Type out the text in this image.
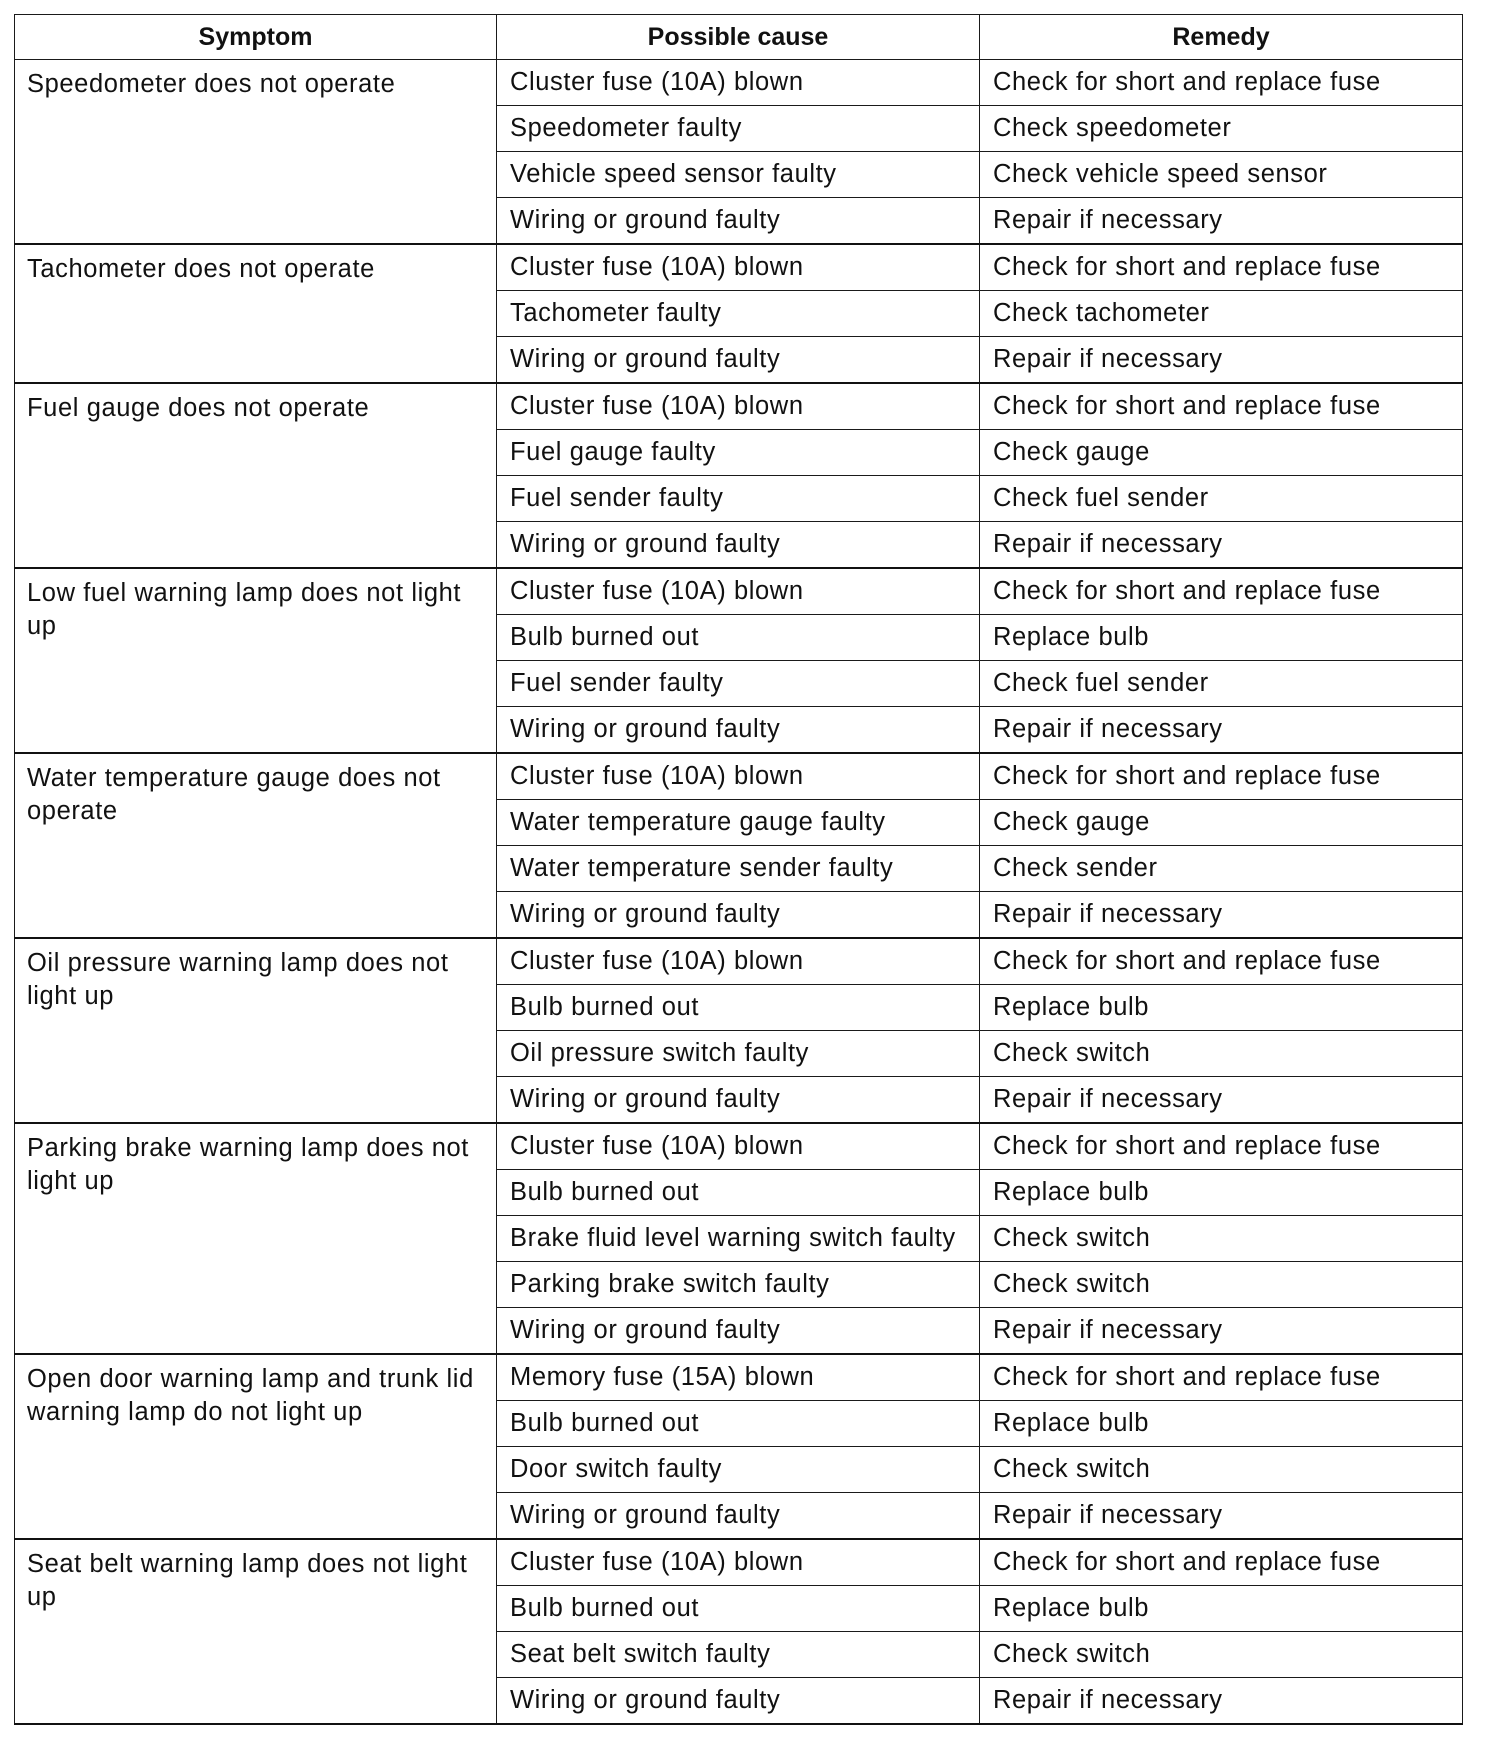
Symptom	Possible cause	Remedy
Speedometer does not operate	Cluster fuse (10A) blown	Check for short and replace fuse
	Speedometer faulty	Check speedometer
	Vehicle speed sensor faulty	Check vehicle speed sensor
	Wiring or ground faulty	Repair if necessary
Tachometer does not operate	Cluster fuse (10A) blown	Check for short and replace fuse
	Tachometer faulty	Check tachometer
	Wiring or ground faulty	Repair if necessary
Fuel gauge does not operate	Cluster fuse (10A) blown	Check for short and replace fuse
	Fuel gauge faulty	Check gauge
	Fuel sender faulty	Check fuel sender
	Wiring or ground faulty	Repair if necessary
Low fuel warning lamp does not light up	Cluster fuse (10A) blown	Check for short and replace fuse
	Bulb burned out	Replace bulb
	Fuel sender faulty	Check fuel sender
	Wiring or ground faulty	Repair if necessary
Water temperature gauge does not operate	Cluster fuse (10A) blown	Check for short and replace fuse
	Water temperature gauge faulty	Check gauge
	Water temperature sender faulty	Check sender
	Wiring or ground faulty	Repair if necessary
Oil pressure warning lamp does not light up	Cluster fuse (10A) blown	Check for short and replace fuse
	Bulb burned out	Replace bulb
	Oil pressure switch faulty	Check switch
	Wiring or ground faulty	Repair if necessary
Parking brake warning lamp does not light up	Cluster fuse (10A) blown	Check for short and replace fuse
	Bulb burned out	Replace bulb
	Brake fluid level warning switch faulty	Check switch
	Parking brake switch faulty	Check switch
	Wiring or ground faulty	Repair if necessary
Open door warning lamp and trunk lid warning lamp do not light up	Memory fuse (15A) blown	Check for short and replace fuse
	Bulb burned out	Replace bulb
	Door switch faulty	Check switch
	Wiring or ground faulty	Repair if necessary
Seat belt warning lamp does not light up	Cluster fuse (10A) blown	Check for short and replace fuse
	Bulb burned out	Replace bulb
	Seat belt switch faulty	Check switch
	Wiring or ground faulty	Repair if necessary
